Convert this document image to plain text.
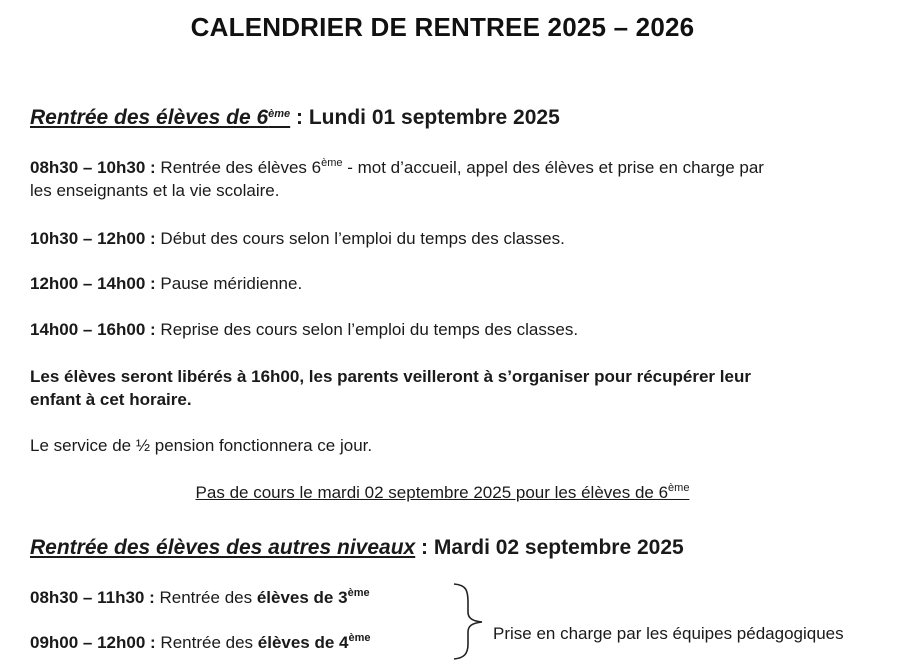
CALENDRIER DE RENTREE 2025 – 2026
Rentrée des élèves de 6ème : Lundi 01 septembre 2025
08h30 – 10h30 : Rentrée des élèves 6ème - mot d’accueil, appel des élèves et prise en charge par
les enseignants et la vie scolaire.
10h30 – 12h00 : Début des cours selon l’emploi du temps des classes.
12h00 – 14h00 : Pause méridienne.
14h00 – 16h00 : Reprise des cours selon l’emploi du temps des classes.
Les élèves seront libérés à 16h00, les parents veilleront à s’organiser pour récupérer leur
enfant à cet horaire.
Le service de ½ pension fonctionnera ce jour.
Pas de cours le mardi 02 septembre 2025 pour les élèves de 6ème
Rentrée des élèves des autres niveaux : Mardi 02 septembre 2025
08h30 – 11h30 : Rentrée des élèves de 3ème
09h00 – 12h00 : Rentrée des élèves de 4ème	Prise en charge par les équipes pédagogiques
